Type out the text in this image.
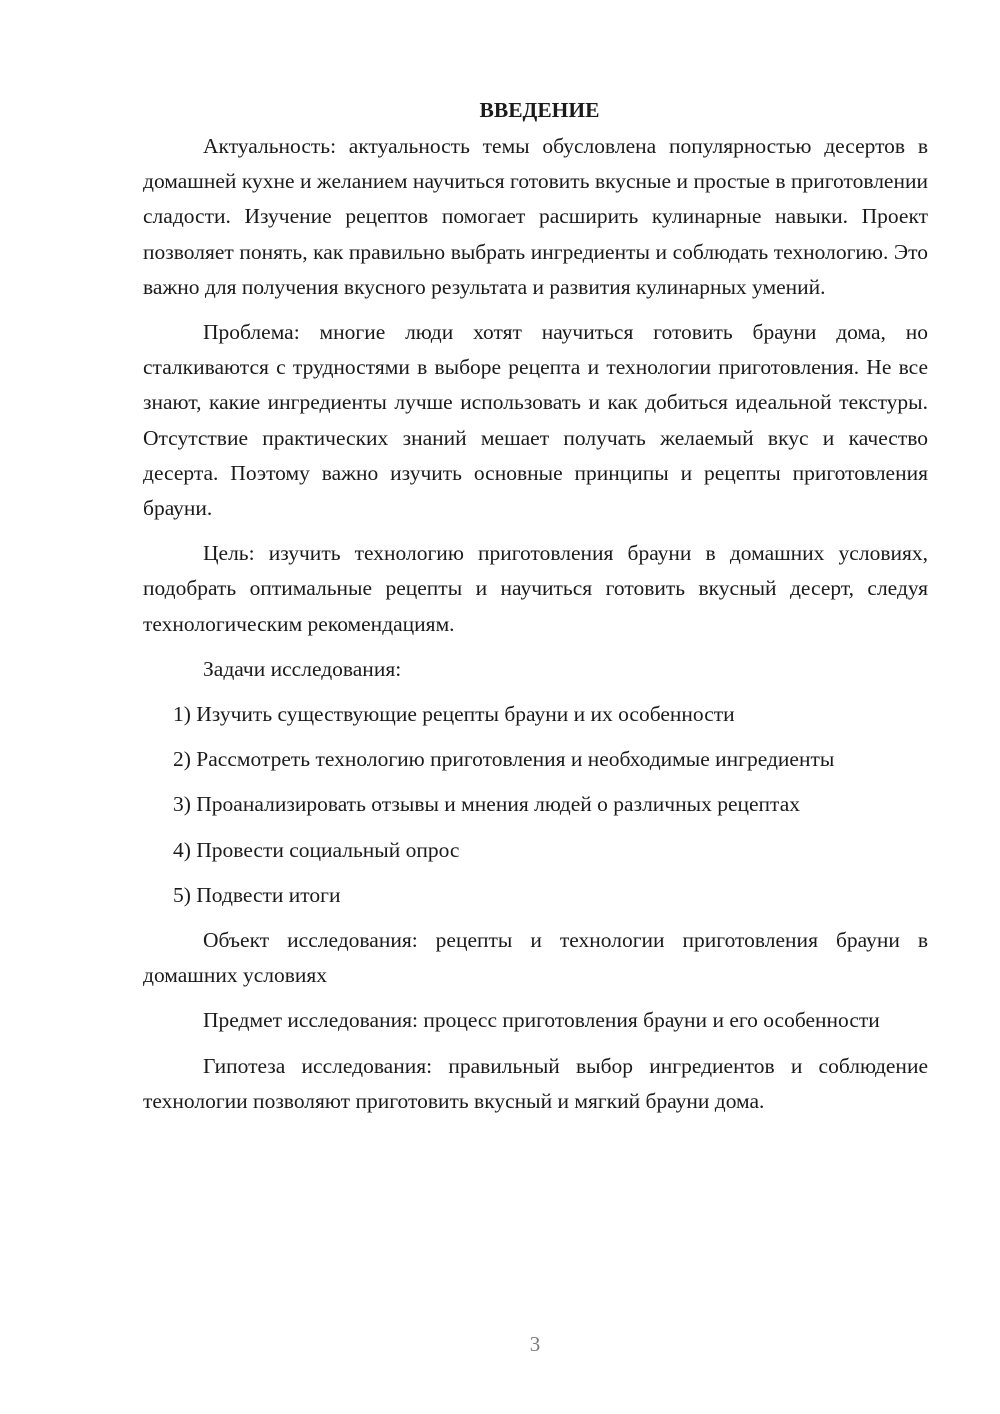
ВВЕДЕНИЕ

Актуальность: актуальность темы обусловлена популярностью десертов в домашней кухне и желанием научиться готовить вкусные и простые в приготовлении сладости. Изучение рецептов помогает расширить кулинарные навыки. Проект позволяет понять, как правильно выбрать ингредиенты и соблюдать технологию. Это важно для получения вкусного результата и развития кулинарных умений.

Проблема: многие люди хотят научиться готовить брауни дома, но сталкиваются с трудностями в выборе рецепта и технологии приготовления. Не все знают, какие ингредиенты лучше использовать и как добиться идеальной текстуры. Отсутствие практических знаний мешает получать желаемый вкус и качество десерта. Поэтому важно изучить основные принципы и рецепты приготовления брауни.

Цель: изучить технологию приготовления брауни в домашних условиях, подобрать оптимальные рецепты и научиться готовить вкусный десерт, следуя технологическим рекомендациям.

Задачи исследования:

1) Изучить существующие рецепты брауни и их особенности

2) Рассмотреть технологию приготовления и необходимые ингредиенты

3) Проанализировать отзывы и мнения людей о различных рецептах

4) Провести социальный опрос

5) Подвести итоги

Объект исследования: рецепты и технологии приготовления брауни в домашних условиях

Предмет исследования: процесс приготовления брауни и его особенности

Гипотеза исследования: правильный выбор ингредиентов и соблюдение технологии позволяют приготовить вкусный и мягкий брауни дома.

3
